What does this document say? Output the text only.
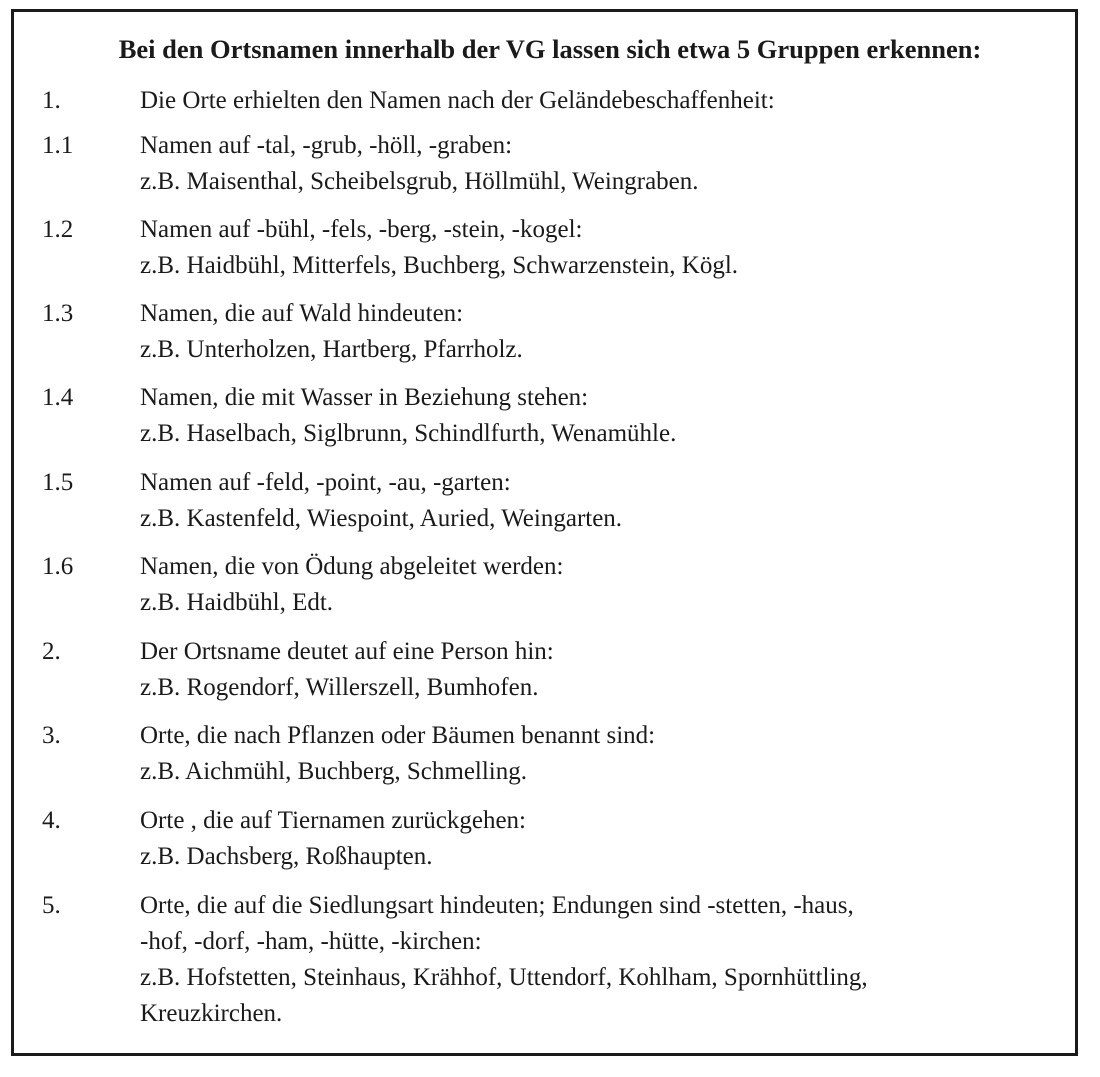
Bei den Ortsnamen innerhalb der VG lassen sich etwa 5 Gruppen erkennen:
1.	Die Orte erhielten den Namen nach der Geländebeschaffenheit:
1.1	Namen auf -tal, -grub, -höll, -graben:
z.B. Maisenthal, Scheibelsgrub, Höllmühl, Weingraben.
1.2	Namen auf -bühl, -fels, -berg, -stein, -kogel:
z.B. Haidbühl, Mitterfels, Buchberg, Schwarzenstein, Kögl.
1.3	Namen, die auf Wald hindeuten:
z.B. Unterholzen, Hartberg, Pfarrholz.
1.4	Namen, die mit Wasser in Beziehung stehen:
z.B. Haselbach, Siglbrunn, Schindlfurth, Wenamühle.
1.5	Namen auf -feld, -point, -au, -garten:
z.B. Kastenfeld, Wiespoint, Auried, Weingarten.
1.6	Namen, die von Ödung abgeleitet werden:
z.B. Haidbühl, Edt.
2.	Der Ortsname deutet auf eine Person hin:
z.B. Rogendorf, Willerszell, Bumhofen.
3.	Orte, die nach Pflanzen oder Bäumen benannt sind:
z.B. Aichmühl, Buchberg, Schmelling.
4.	Orte , die auf Tiernamen zurückgehen:
z.B. Dachsberg, Roßhaupten.
5.	Orte, die auf die Siedlungsart hindeuten; Endungen sind -stetten, -haus,
-hof, -dorf, -ham, -hütte, -kirchen:
z.B. Hofstetten, Steinhaus, Krähhof, Uttendorf, Kohlham, Spornhüttling,
Kreuzkirchen.
